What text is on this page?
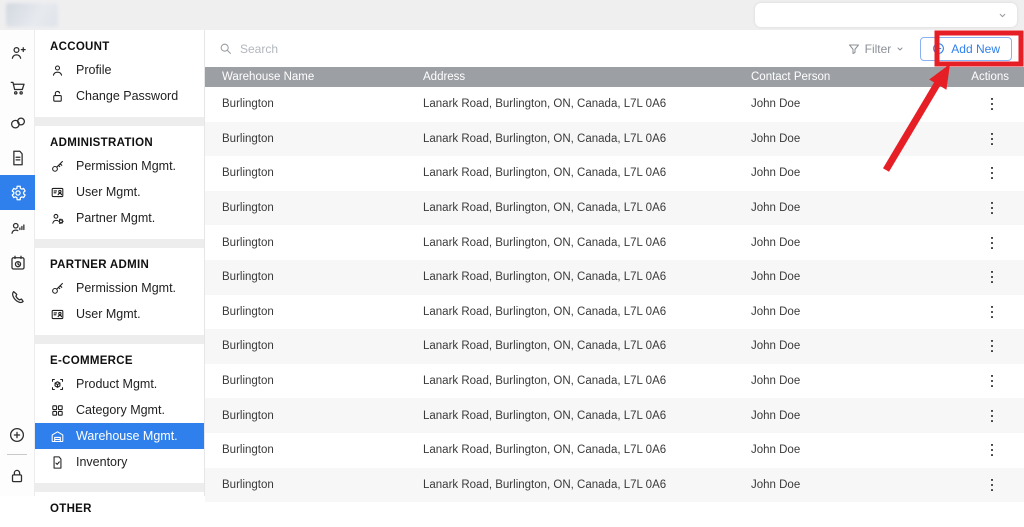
ACCOUNT
Profile
Change Password
ADMINISTRATION
Permission Mgmt.
User Mgmt.
Partner Mgmt.
PARTNER ADMIN
Permission Mgmt.
User Mgmt.
E-COMMERCE
Product Mgmt.
Category Mgmt.
Warehouse Mgmt.
Inventory
OTHER
Search
Filter	Add New
Warehouse Name	Address	Contact Person	Actions
Burlington	Lanark Road, Burlington, ON, Canada, L7L 0A6	John Doe
Burlington	Lanark Road, Burlington, ON, Canada, L7L 0A6	John Doe
Burlington	Lanark Road, Burlington, ON, Canada, L7L 0A6	John Doe
Burlington	Lanark Road, Burlington, ON, Canada, L7L 0A6	John Doe
Burlington	Lanark Road, Burlington, ON, Canada, L7L 0A6	John Doe
Burlington	Lanark Road, Burlington, ON, Canada, L7L 0A6	John Doe
Burlington	Lanark Road, Burlington, ON, Canada, L7L 0A6	John Doe
Burlington	Lanark Road, Burlington, ON, Canada, L7L 0A6	John Doe
Burlington	Lanark Road, Burlington, ON, Canada, L7L 0A6	John Doe
Burlington	Lanark Road, Burlington, ON, Canada, L7L 0A6	John Doe
Burlington	Lanark Road, Burlington, ON, Canada, L7L 0A6	John Doe
Burlington	Lanark Road, Burlington, ON, Canada, L7L 0A6	John Doe
